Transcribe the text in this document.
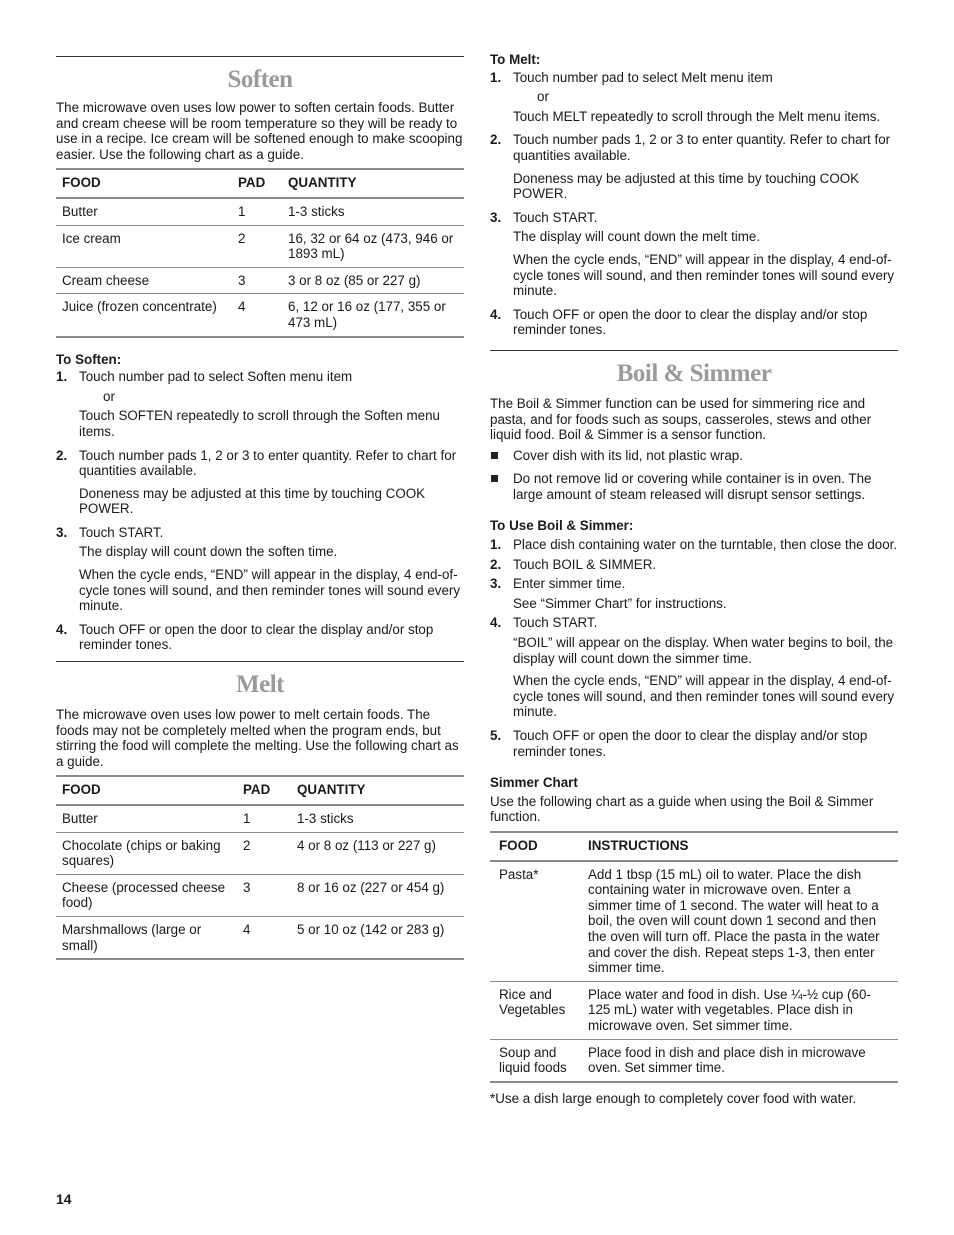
Soften

The microwave oven uses low power to soften certain foods. Butter and cream cheese will be room temperature so they will be ready to use in a recipe. Ice cream will be softened enough to make scooping easier. Use the following chart as a guide.

FOOD	PAD	QUANTITY
Butter	1	1-3 sticks
Ice cream	2	16, 32 or 64 oz (473, 946 or 1893 mL)
Cream cheese	3	3 or 8 oz (85 or 227 g)
Juice (frozen concentrate)	4	6, 12 or 16 oz (177, 355 or 473 mL)

To Soften:

1. Touch number pad to select Soften menu item

or

Touch SOFTEN repeatedly to scroll through the Soften menu items.

2. Touch number pads 1, 2 or 3 to enter quantity. Refer to chart for quantities available.

Doneness may be adjusted at this time by touching COOK POWER.

3. Touch START.

The display will count down the soften time.

When the cycle ends, “END” will appear in the display, 4 end-of-cycle tones will sound, and then reminder tones will sound every minute.

4. Touch OFF or open the door to clear the display and/or stop reminder tones.

Melt

The microwave oven uses low power to melt certain foods. The foods may not be completely melted when the program ends, but stirring the food will complete the melting. Use the following chart as a guide.

FOOD	PAD	QUANTITY
Butter	1	1-3 sticks
Chocolate (chips or baking squares)	2	4 or 8 oz (113 or 227 g)
Cheese (processed cheese food)	3	8 or 16 oz (227 or 454 g)
Marshmallows (large or small)	4	5 or 10 oz (142 or 283 g)

To Melt:

1. Touch number pad to select Melt menu item

or

Touch MELT repeatedly to scroll through the Melt menu items.

2. Touch number pads 1, 2 or 3 to enter quantity. Refer to chart for quantities available.

Doneness may be adjusted at this time by touching COOK POWER.

3. Touch START.

The display will count down the melt time.

When the cycle ends, “END” will appear in the display, 4 end-of-cycle tones will sound, and then reminder tones will sound every minute.

4. Touch OFF or open the door to clear the display and/or stop reminder tones.

Boil & Simmer

The Boil & Simmer function can be used for simmering rice and pasta, and for foods such as soups, casseroles, stews and other liquid food. Boil & Simmer is a sensor function.

Cover dish with its lid, not plastic wrap.
Do not remove lid or covering while container is in oven. The large amount of steam released will disrupt sensor settings.

To Use Boil & Simmer:

1. Place dish containing water on the turntable, then close the door.

2. Touch BOIL & SIMMER.

3. Enter simmer time.

See “Simmer Chart” for instructions.

4. Touch START.

“BOIL” will appear on the display. When water begins to boil, the display will count down the simmer time.

When the cycle ends, “END” will appear in the display, 4 end-of-cycle tones will sound, and then reminder tones will sound every minute.

5. Touch OFF or open the door to clear the display and/or stop reminder tones.

Simmer Chart

Use the following chart as a guide when using the Boil & Simmer function.

FOOD	INSTRUCTIONS
Pasta*	Add 1 tbsp (15 mL) oil to water. Place the dish containing water in microwave oven. Enter a simmer time of 1 second. The water will heat to a boil, the oven will count down 1 second and then the oven will turn off. Place the pasta in the water and cover the dish. Repeat steps 1-3, then enter simmer time.
Rice and Vegetables	Place water and food in dish. Use ¼-½ cup (60-125 mL) water with vegetables. Place dish in microwave oven. Set simmer time.
Soup and liquid foods	Place food in dish and place dish in microwave oven. Set simmer time.

*Use a dish large enough to completely cover food with water.

14
